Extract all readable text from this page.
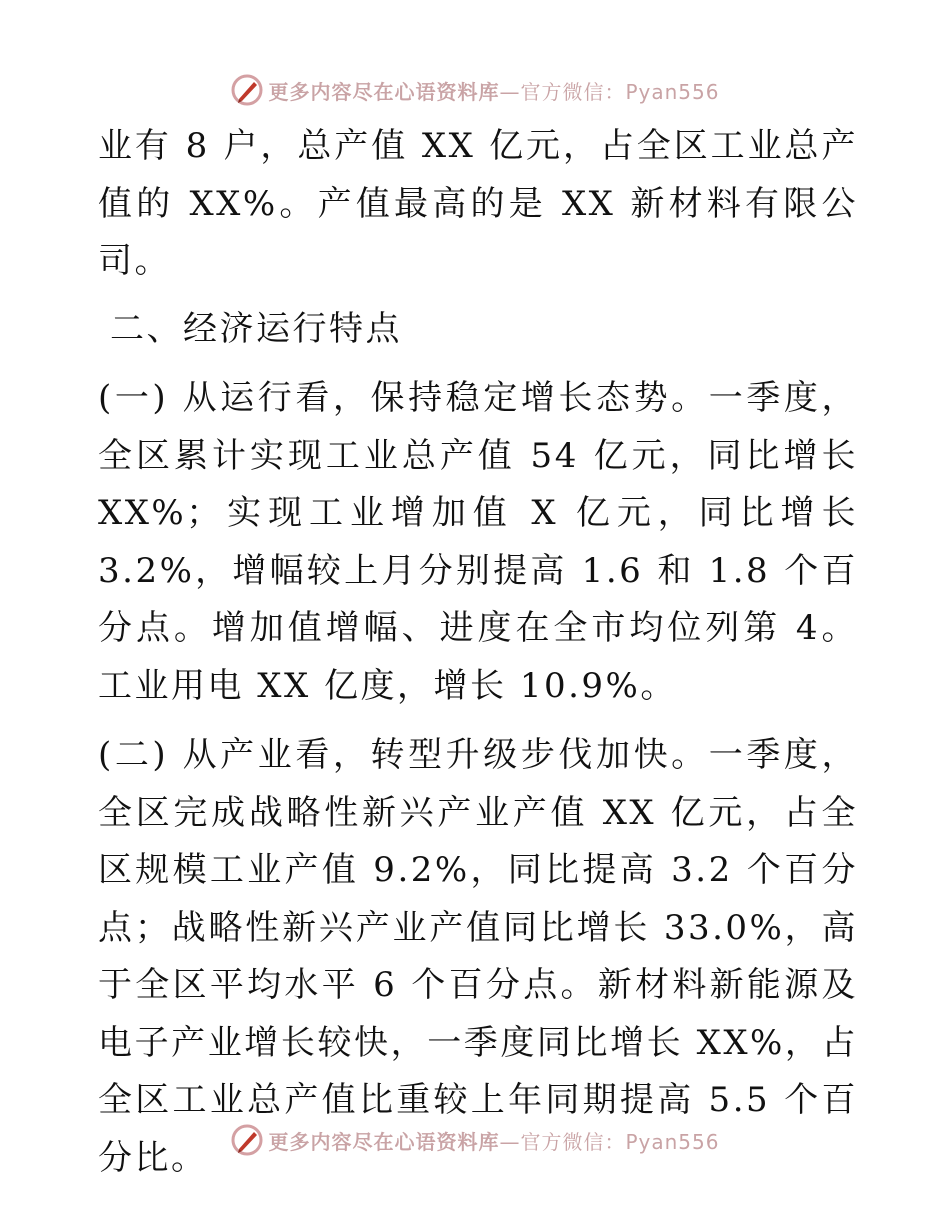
更多内容尽在心语资料库 —官方微信：Pyan556

业有 8 户，总产值 XX 亿元，占全区工业总产值的 XX%。产值最高的是 XX 新材料有限公司。

二、经济运行特点

(一) 从运行看，保持稳定增长态势。一季度，全区累计实现工业总产值 54 亿元，同比增长 XX%；实现工业增加值 X 亿元，同比增长 3.2%，增幅较上月分别提高 1.6 和 1.8 个百分点。增加值增幅、进度在全市均位列第 4。工业用电 XX 亿度，增长 10.9%。

(二) 从产业看，转型升级步伐加快。一季度，全区完成战略性新兴产业产值 XX 亿元，占全区规模工业产值 9.2%，同比提高 3.2 个百分点；战略性新兴产业产值同比增长 33.0%，高于全区平均水平 6 个百分点。新材料新能源及电子产业增长较快，一季度同比增长 XX%，占全区工业总产值比重较上年同期提高 5.5 个百分比。	更多内容尽在心语资料库 —官方微信：Pyan556
